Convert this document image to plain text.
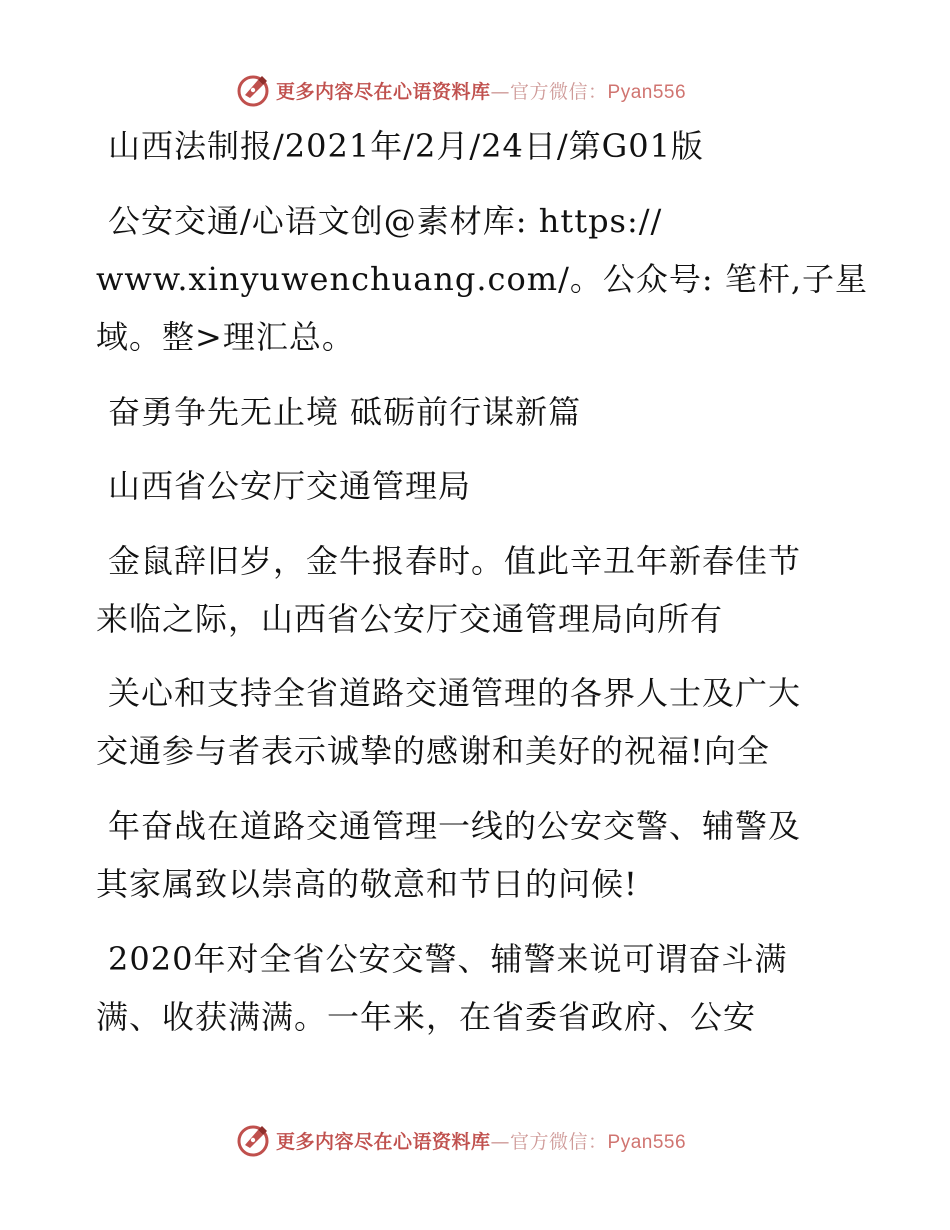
更多内容尽在心语资料库—官方微信：Pyan556
山西法制报/2021年/2月/24日/第G01版
公安交通/心语文创@素材库: https://
www.xinyuwenchuang.com/。公众号: 笔杆,子星
域。整>理汇总。
奋勇争先无止境 砥砺前行谋新篇
山西省公安厅交通管理局
金鼠辞旧岁，金牛报春时。值此辛丑年新春佳节
来临之际，山西省公安厅交通管理局向所有
关心和支持全省道路交通管理的各界人士及广大
交通参与者表示诚挚的感谢和美好的祝福!向全
年奋战在道路交通管理一线的公安交警、辅警及
其家属致以崇高的敬意和节日的问候!
2020年对全省公安交警、辅警来说可谓奋斗满
满、收获满满。一年来，在省委省政府、公安
更多内容尽在心语资料库—官方微信：Pyan556
